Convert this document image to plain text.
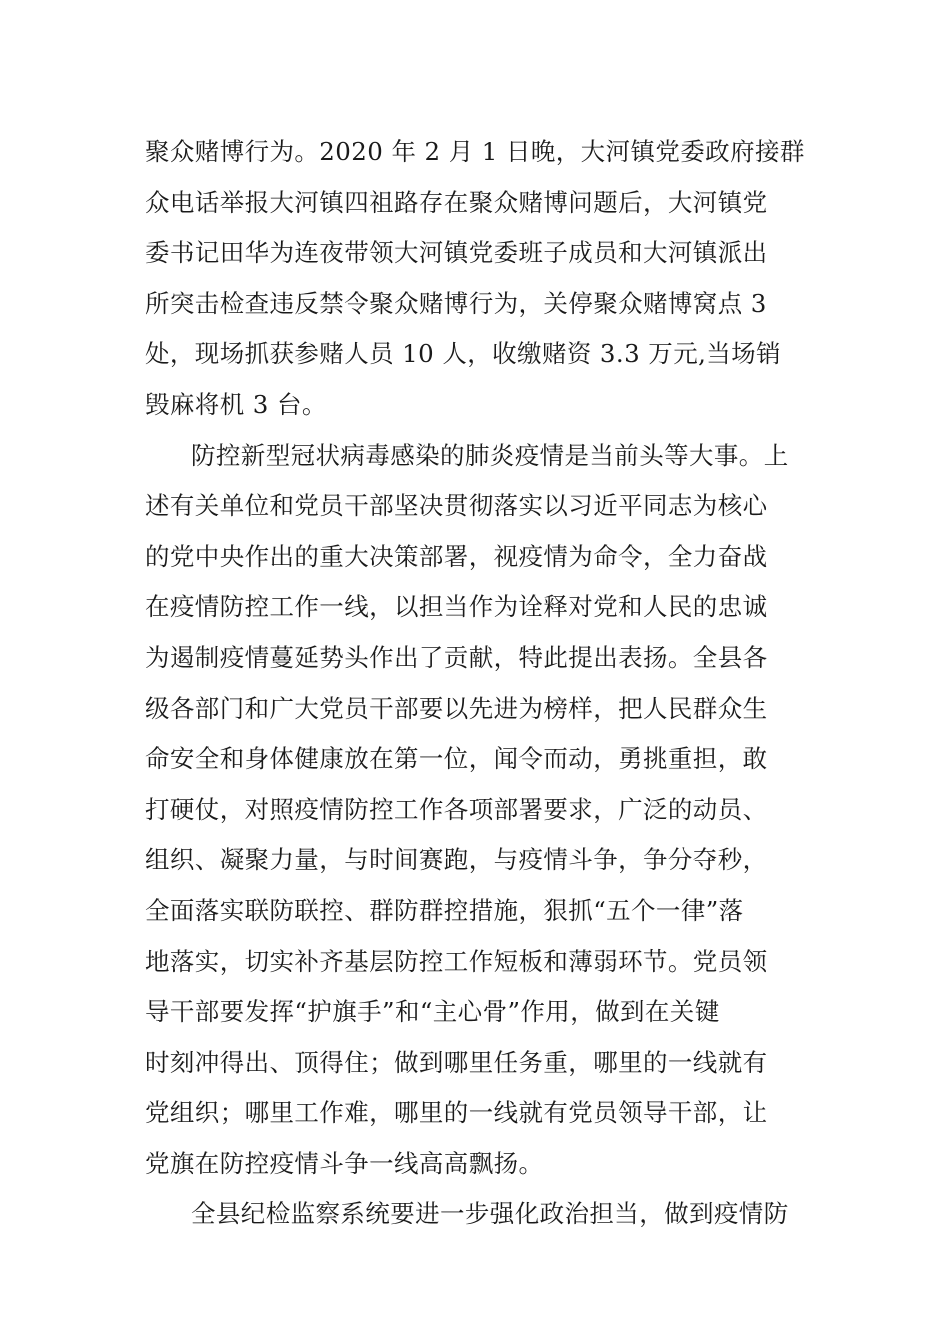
聚众赌博行为。2020 年 2 月 1 日晚，大河镇党委政府接群
众电话举报大河镇四祖路存在聚众赌博问题后，大河镇党
委书记田华为连夜带领大河镇党委班子成员和大河镇派出
所突击检查违反禁令聚众赌博行为，关停聚众赌博窝点 3
处，现场抓获参赌人员 10 人，收缴赌资 3.3 万元,当场销
毁麻将机 3 台。
防控新型冠状病毒感染的肺炎疫情是当前头等大事。上
述有关单位和党员干部坚决贯彻落实以习近平同志为核心
的党中央作出的重大决策部署，视疫情为命令，全力奋战
在疫情防控工作一线，以担当作为诠释对党和人民的忠诚
为遏制疫情蔓延势头作出了贡献，特此提出表扬。全县各
级各部门和广大党员干部要以先进为榜样，把人民群众生
命安全和身体健康放在第一位，闻令而动，勇挑重担，敢
打硬仗，对照疫情防控工作各项部署要求，广泛的动员、
组织、凝聚力量，与时间赛跑，与疫情斗争，争分夺秒，
全面落实联防联控、群防群控措施，狠抓“五个一律”落
地落实，切实补齐基层防控工作短板和薄弱环节。党员领
导干部要发挥“护旗手”和“主心骨”作用，做到在关键
时刻冲得出、顶得住；做到哪里任务重，哪里的一线就有
党组织；哪里工作难，哪里的一线就有党员领导干部，让
党旗在防控疫情斗争一线高高飘扬。
全县纪检监察系统要进一步强化政治担当，做到疫情防
